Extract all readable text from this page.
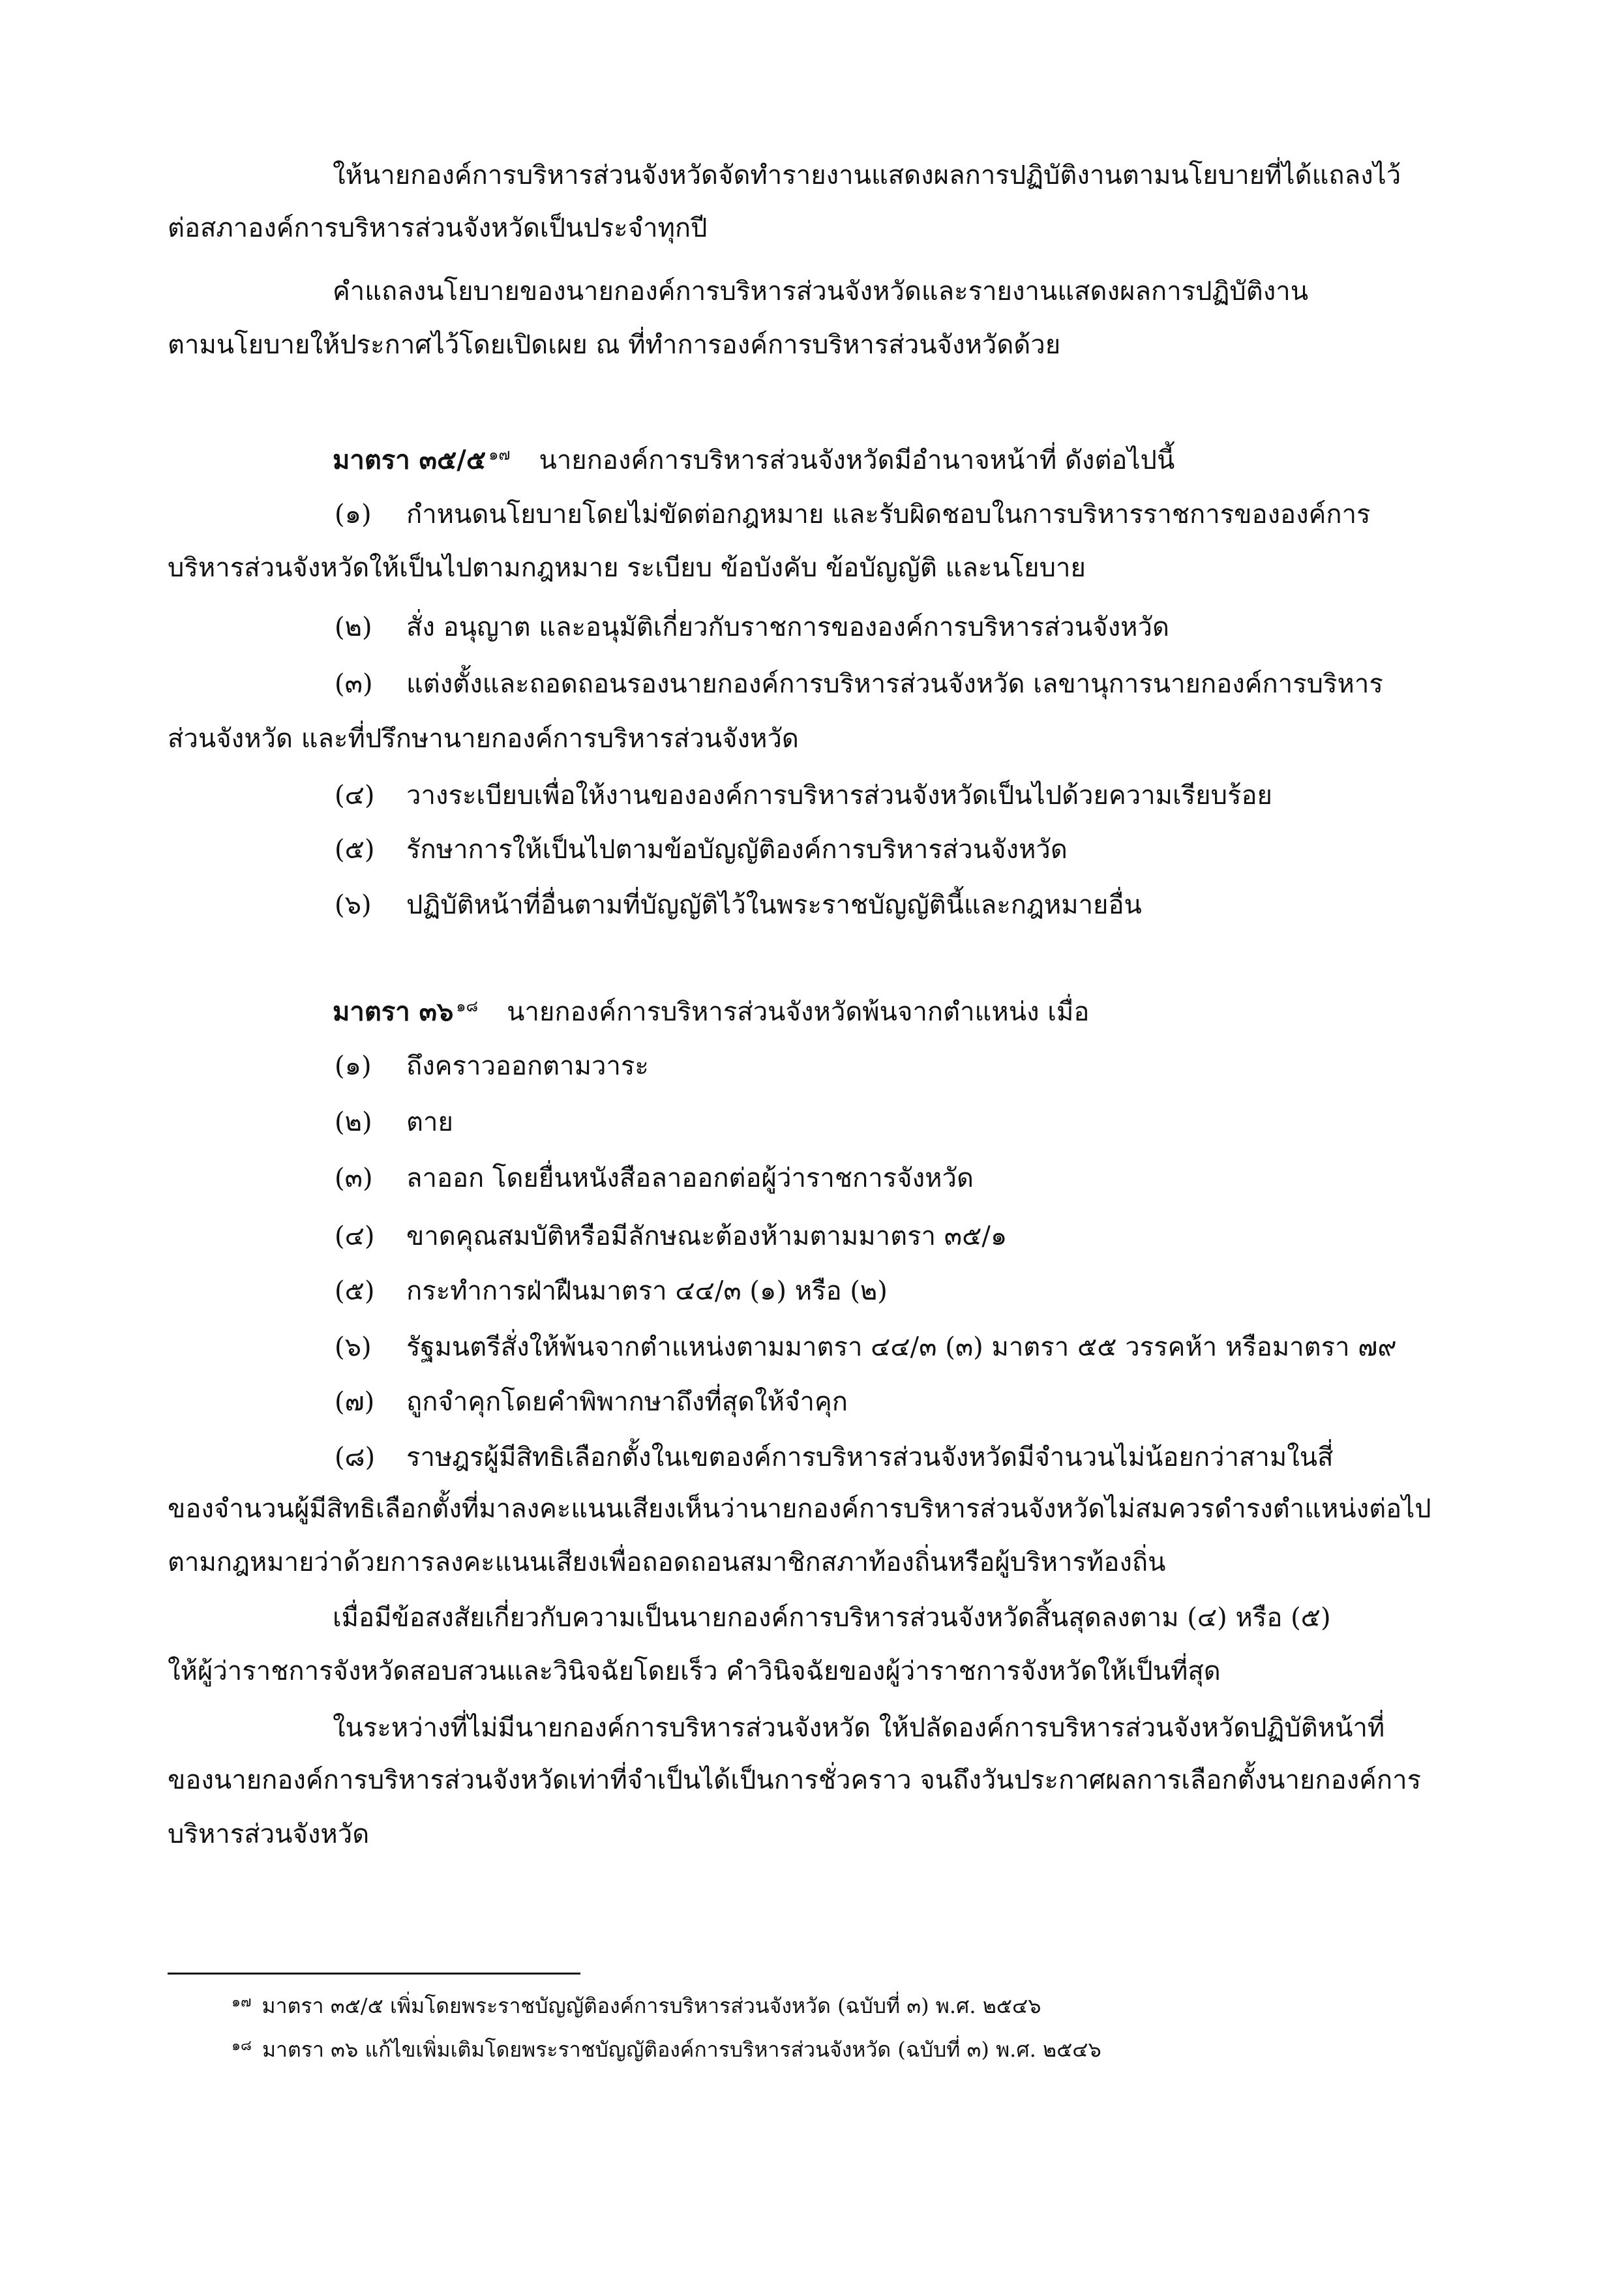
ให้นายกองค์การบริหารส่วนจังหวัดจัดทำรายงานแสดงผลการปฏิบัติงานตามนโยบายที่ได้แถลงไว้
ต่อสภาองค์การบริหารส่วนจังหวัดเป็นประจำทุกปี
คำแถลงนโยบายของนายกองค์การบริหารส่วนจังหวัดและรายงานแสดงผลการปฏิบัติงาน
ตามนโยบายให้ประกาศไว้โดยเปิดเผย ณ ที่ทำการองค์การบริหารส่วนจังหวัดด้วย
มาตรา ๓๕/๕ $^{๑๗}$ นายกองค์การบริหารส่วนจังหวัดมีอำนาจหน้าที่ ดังต่อไปนี้
(๑) กำหนดนโยบายโดยไม่ขัดต่อกฎหมาย และรับผิดชอบในการบริหารราชการขององค์การ
บริหารส่วนจังหวัดให้เป็นไปตามกฎหมาย ระเบียบ ข้อบังคับ ข้อบัญญัติ และนโยบาย
(๒) สั่ง อนุญาต และอนุมัติเกี่ยวกับราชการขององค์การบริหารส่วนจังหวัด
(๓) แต่งตั้งและถอดถอนรองนายกองค์การบริหารส่วนจังหวัด เลขานุการนายกองค์การบริหาร
ส่วนจังหวัด และที่ปรึกษานายกองค์การบริหารส่วนจังหวัด
(๔) วางระเบียบเพื่อให้งานขององค์การบริหารส่วนจังหวัดเป็นไปด้วยความเรียบร้อย
(๕) รักษาการให้เป็นไปตามข้อบัญญัติองค์การบริหารส่วนจังหวัด
(๖) ปฏิบัติหน้าที่อื่นตามที่บัญญัติไว้ในพระราชบัญญัตินี้และกฎหมายอื่น
มาตรา ๓๖ $^{๑๘}$ นายกองค์การบริหารส่วนจังหวัดพ้นจากตำแหน่ง เมื่อ
(๑) ถึงคราวออกตามวาระ
(๒) ตาย
(๓) ลาออก โดยยื่นหนังสือลาออกต่อผู้ว่าราชการจังหวัด
(๔) ขาดคุณสมบัติหรือมีลักษณะต้องห้ามตามมาตรา ๓๕/๑
(๕) กระทำการฝ่าฝืนมาตรา ๔๔/๓ (๑) หรือ (๒)
(๖) รัฐมนตรีสั่งให้พ้นจากตำแหน่งตามมาตรา ๔๔/๓ (๓) มาตรา ๕๕ วรรคห้า หรือมาตรา ๗๙
(๗) ถูกจำคุกโดยคำพิพากษาถึงที่สุดให้จำคุก
(๘) ราษฎรผู้มีสิทธิเลือกตั้งในเขตองค์การบริหารส่วนจังหวัดมีจำนวนไม่น้อยกว่าสามในสี่
ของจำนวนผู้มีสิทธิเลือกตั้งที่มาลงคะแนนเสียงเห็นว่านายกองค์การบริหารส่วนจังหวัดไม่สมควรดำรงตำแหน่งต่อไป
ตามกฎหมายว่าด้วยการลงคะแนนเสียงเพื่อถอดถอนสมาชิกสภาท้องถิ่นหรือผู้บริหารท้องถิ่น
เมื่อมีข้อสงสัยเกี่ยวกับความเป็นนายกองค์การบริหารส่วนจังหวัดสิ้นสุดลงตาม (๔) หรือ (๕)
ให้ผู้ว่าราชการจังหวัดสอบสวนและวินิจฉัยโดยเร็ว คำวินิจฉัยของผู้ว่าราชการจังหวัดให้เป็นที่สุด
ในระหว่างที่ไม่มีนายกองค์การบริหารส่วนจังหวัด ให้ปลัดองค์การบริหารส่วนจังหวัดปฏิบัติหน้าที่
ของนายกองค์การบริหารส่วนจังหวัดเท่าที่จำเป็นได้เป็นการชั่วคราว จนถึงวันประกาศผลการเลือกตั้งนายกองค์การ
บริหารส่วนจังหวัด
$^{๑๗}$ มาตรา ๓๕/๕ เพิ่มโดยพระราชบัญญัติองค์การบริหารส่วนจังหวัด (ฉบับที่ ๓) พ.ศ. ๒๕๔๖
$^{๑๘}$ มาตรา ๓๖ แก้ไขเพิ่มเติมโดยพระราชบัญญัติองค์การบริหารส่วนจังหวัด (ฉบับที่ ๓) พ.ศ. ๒๕๔๖
